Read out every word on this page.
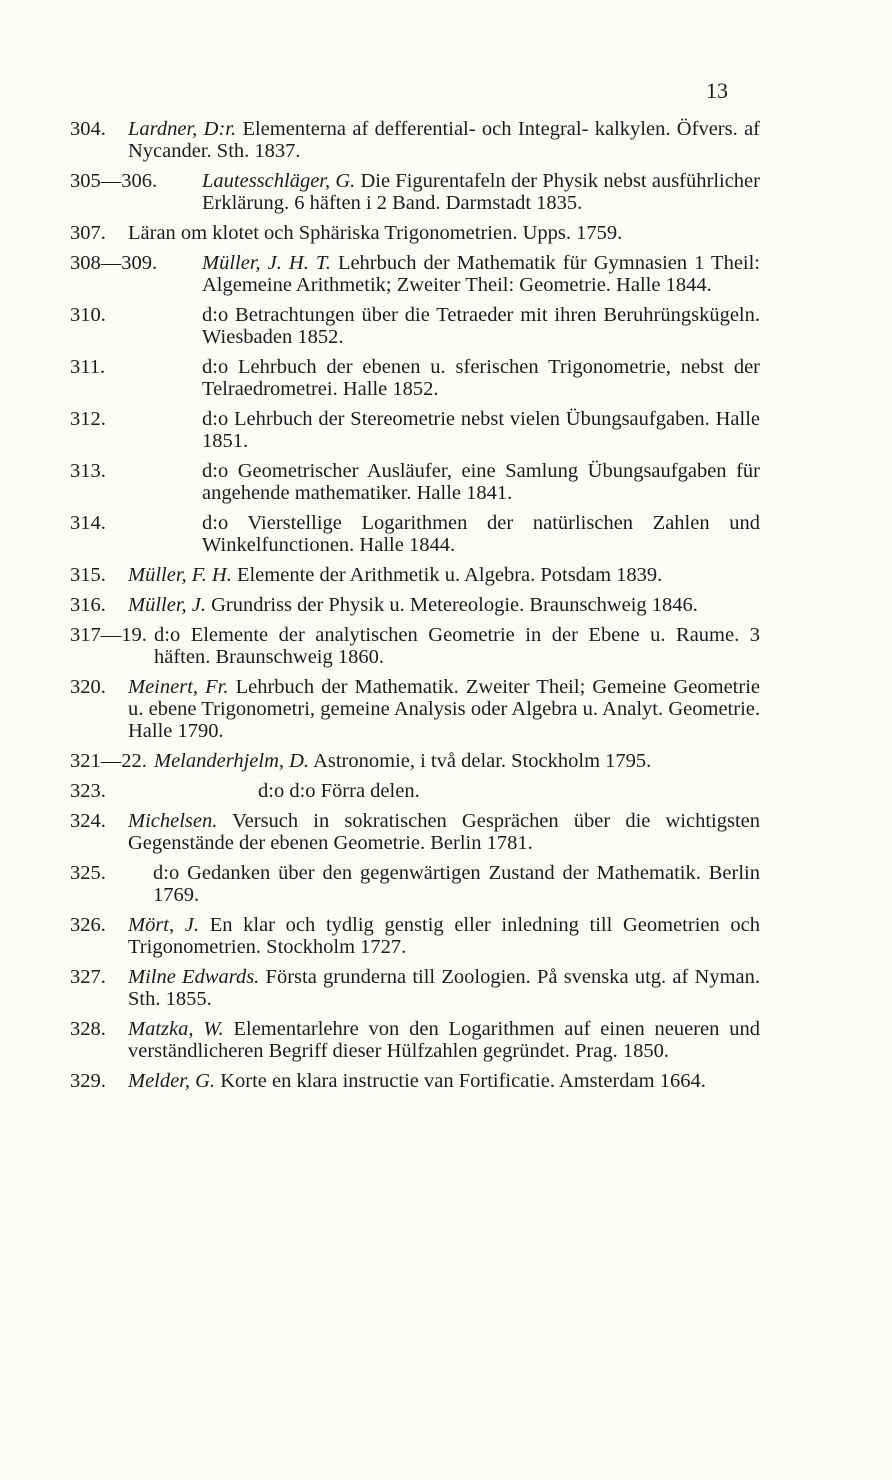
13
304.	Lardner, D:r. Elementerna af defferential- och Integral- kalkylen. Öfvers. af Nycander. Sth. 1837.
305—306.	Lautesschläger, G. Die Figurentafeln der Physik nebst ausführlicher Erklärung. 6 häften i 2 Band. Darmstadt 1835.
307.	Läran om klotet och Sphäriska Trigonometrien. Upps. 1759.
308—309.	Müller, J. H. T. Lehrbuch der Mathematik für Gymnasien 1 Theil: Algemeine Arithmetik; Zweiter Theil: Geometrie. Halle 1844.
310.	d:o Betrachtungen über die Tetraeder mit ihren Beruhrüngskügeln. Wiesbaden 1852.
311.	d:o Lehrbuch der ebenen u. sferischen Trigonometrie, nebst der Telraedrometrei. Halle 1852.
312.	d:o Lehrbuch der Stereometrie nebst vielen Übungsaufgaben. Halle 1851.
313.	d:o Geometrischer Ausläufer, eine Samlung Übungsaufgaben für angehende mathematiker. Halle 1841.
314.	d:o Vierstellige Logarithmen der natürlischen Zahlen und Winkelfunctionen. Halle 1844.
315.	Müller, F. H. Elemente der Arithmetik u. Algebra. Potsdam 1839.
316.	Müller, J. Grundriss der Physik u. Metereologie. Braunschweig 1846.
317—19. d:o Elemente der analytischen Geometrie in der Ebene u. Raume. 3 häften. Braunschweig 1860.
320.	Meinert, Fr. Lehrbuch der Mathematik. Zweiter Theil; Gemeine Geometrie u. ebene Trigonometri, gemeine Analysis oder Algebra u. Analyt. Geometrie. Halle 1790.
321—22. Melanderhjelm, D. Astronomie, i två delar. Stockholm 1795.
323.	d:o d:o Förra delen.
324.	Michelsen. Versuch in sokratischen Gesprächen über die wichtigsten Gegenstände der ebenen Geometrie. Berlin 1781.
325.	d:o Gedanken über den gegenwärtigen Zustand der Mathematik. Berlin 1769.
326.	Mört, J. En klar och tydlig genstig eller inledning till Geometrien och Trigonometrien. Stockholm 1727.
327.	Milne Edwards. Första grunderna till Zoologien. På svenska utg. af Nyman. Sth. 1855.
328.	Matzka, W. Elementarlehre von den Logarithmen auf einen neueren und verständlicheren Begriff dieser Hülfzahlen gegründet. Prag. 1850.
329.	Melder, G. Korte en klara instructie van Fortificatie. Amsterdam 1664.
